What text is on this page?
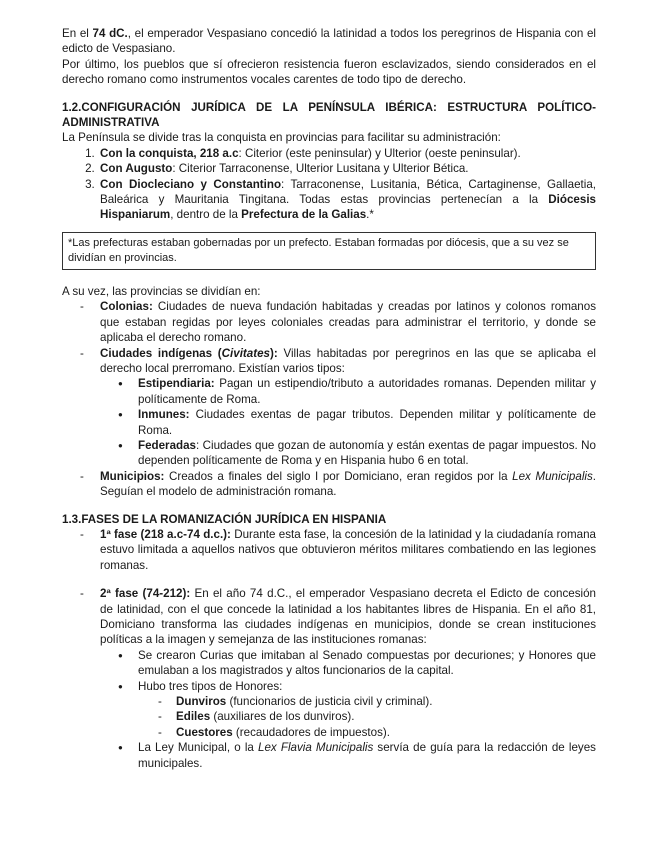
En el 74 dC., el emperador Vespasiano concedió la latinidad a todos los peregrinos de Hispania con el edicto de Vespasiano.

Por último, los pueblos que sí ofrecieron resistencia fueron esclavizados, siendo considerados en el derecho romano como instrumentos vocales carentes de todo tipo de derecho.

1.2.CONFIGURACIÓN JURÍDICA DE LA PENÍNSULA IBÉRICA: ESTRUCTURA POLÍTICO-ADMINISTRATIVA

La Península se divide tras la conquista en provincias para facilitar su administración:

1. Con la conquista, 218 a.c: Citerior (este peninsular) y Ulterior (oeste peninsular).
2. Con Augusto: Citerior Tarraconense, Ulterior Lusitana y Ulterior Bética.
3. Con Diocleciano y Constantino: Tarraconense, Lusitania, Bética, Cartaginense, Gallaetia, Baleárica y Mauritania Tingitana. Todas estas provincias pertenecían a la Diócesis Hispaniarum, dentro de la Prefectura de la Galias.*
*Las prefecturas estaban gobernadas por un prefecto. Estaban formadas por diócesis, que a su vez se dividían en provincias.

A su vez, las provincias se dividían en:

- Colonias: Ciudades de nueva fundación habitadas y creadas por latinos y colonos romanos que estaban regidas por leyes coloniales creadas para administrar el territorio, y donde se aplicaba el derecho romano.
- Ciudades indígenas (Civitates): Villas habitadas por peregrinos en las que se aplicaba el derecho local prerromano. Existían varios tipos:
● Estipendiaria: Pagan un estipendio/tributo a autoridades romanas. Dependen militar y políticamente de Roma.
● Inmunes: Ciudades exentas de pagar tributos. Dependen militar y políticamente de Roma.
● Federadas: Ciudades que gozan de autonomía y están exentas de pagar impuestos. No dependen políticamente de Roma y en Hispania hubo 6 en total.
- Municipios: Creados a finales del siglo I por Domiciano, eran regidos por la Lex Municipalis. Seguían el modelo de administración romana.

1.3.FASES DE LA ROMANIZACIÓN JURÍDICA EN HISPANIA

- 1ª fase (218 a.c-74 d.c.): Durante esta fase, la concesión de la latinidad y la ciudadanía romana estuvo limitada a aquellos nativos que obtuvieron méritos militares combatiendo en las legiones romanas.
- 2ª fase (74-212): En el año 74 d.C., el emperador Vespasiano decreta el Edicto de concesión de latinidad, con el que concede la latinidad a los habitantes libres de Hispania. En el año 81, Domiciano transforma las ciudades indígenas en municipios, donde se crean instituciones políticas a la imagen y semejanza de las instituciones romanas:
● Se crearon Curias que imitaban al Senado compuestas por decuriones; y Honores que emulaban a los magistrados y altos funcionarios de la capital.
● Hubo tres tipos de Honores:
- Dunviros (funcionarios de justicia civil y criminal).
- Ediles (auxiliares de los dunviros).
- Cuestores (recaudadores de impuestos).
● La Ley Municipal, o la Lex Flavia Municipalis servía de guía para la redacción de leyes municipales.
